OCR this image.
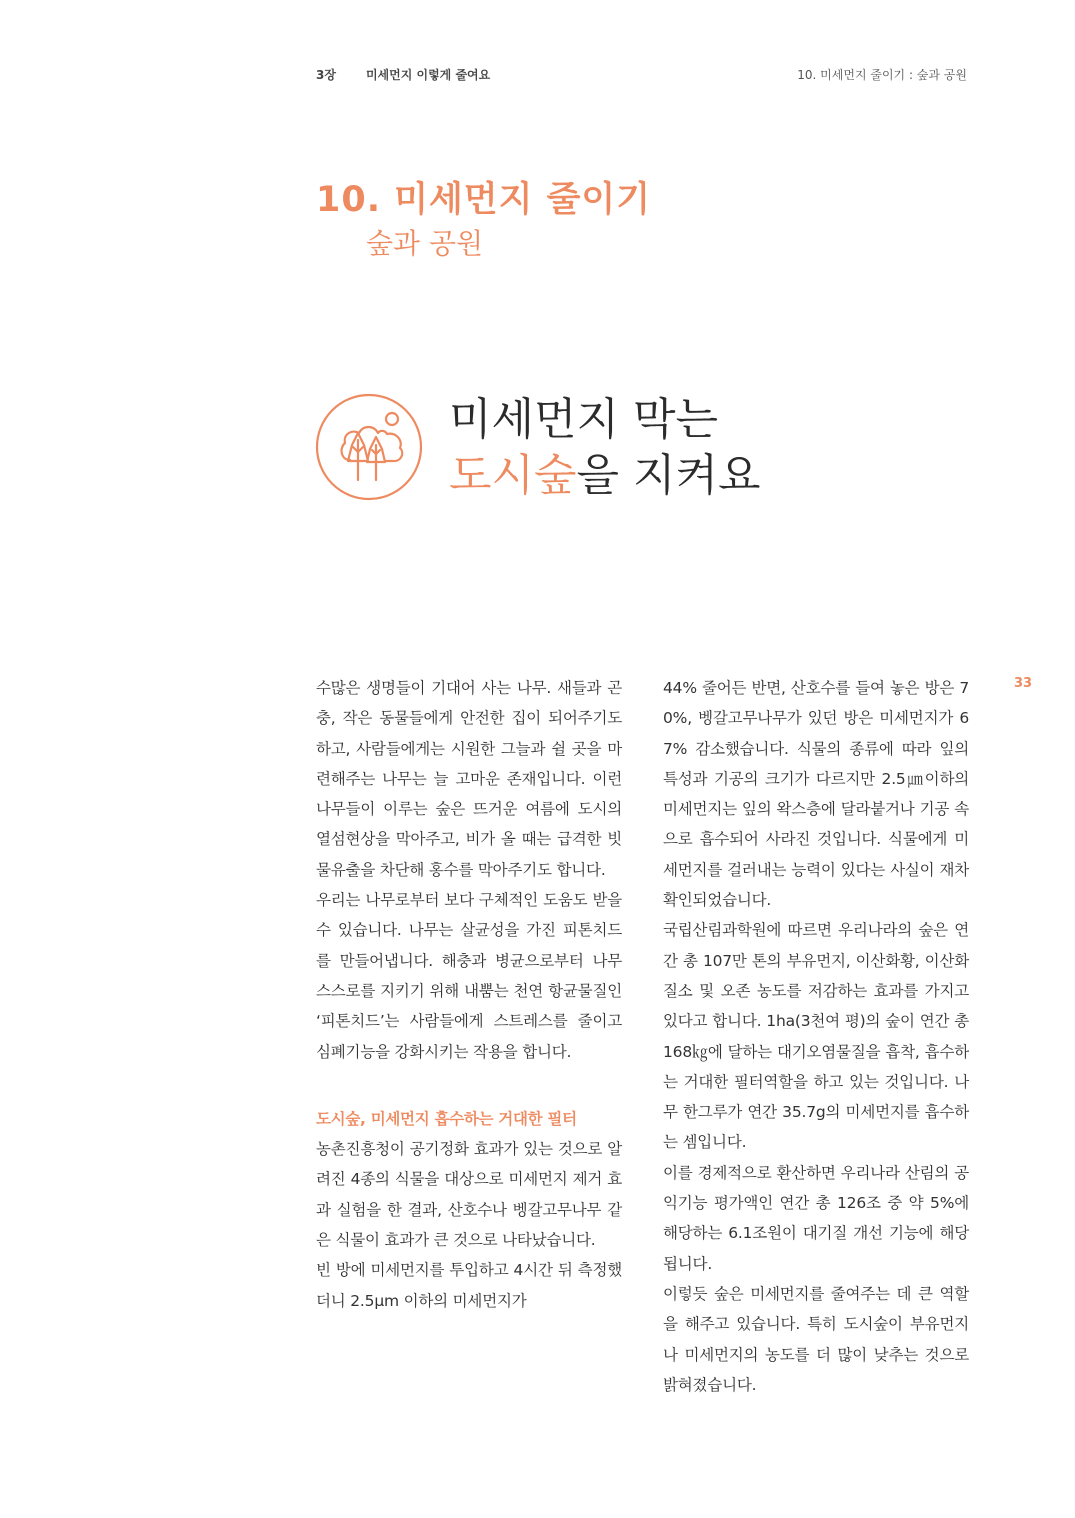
3장	미세먼지 이렇게 줄여요	10. 미세먼지 줄이기 : 숲과 공원
10. 미세먼지 줄이기
숲과 공원
미세먼지 막는
도시숲을 지켜요
33

수많은 생명들이 기대어 사는 나무. 새들과 곤충, 작은 동물들에게 안전한 집이 되어주기도 하고, 사람들에게는 시원한 그늘과 쉴 곳을 마련해주는 나무는 늘 고마운 존재입니다. 이런 나무들이 이루는 숲은 뜨거운 여름에 도시의 열섬현상을 막아주고, 비가 올 때는 급격한 빗물유출을 차단해 홍수를 막아주기도 합니다.

우리는 나무로부터 보다 구체적인 도움도 받을 수 있습니다. 나무는 살균성을 가진 피톤치드를 만들어냅니다. 해충과 병균으로부터 나무 스스로를 지키기 위해 내뿜는 천연 항균물질인 ‘피톤치드’는 사람들에게 스트레스를 줄이고 심폐기능을 강화시키는 작용을 합니다.

도시숲, 미세먼지 흡수하는 거대한 필터

농촌진흥청이 공기정화 효과가 있는 것으로 알려진 4종의 식물을 대상으로 미세먼지 제거 효과 실험을 한 결과, 산호수나 벵갈고무나무 같은 식물이 효과가 큰 것으로 나타났습니다.

빈 방에 미세먼지를 투입하고 4시간 뒤 측정했더니 2.5µm 이하의 미세먼지가

44% 줄어든 반면, 산호수를 들여 놓은 방은 70%, 벵갈고무나무가 있던 방은 미세먼지가 67% 감소했습니다. 식물의 종류에 따라 잎의 특성과 기공의 크기가 다르지만 2.5㎛이하의 미세먼지는 잎의 왁스층에 달라붙거나 기공 속으로 흡수되어 사라진 것입니다. 식물에게 미세먼지를 걸러내는 능력이 있다는 사실이 재차 확인되었습니다.

국립산림과학원에 따르면 우리나라의 숲은 연간 총 107만 톤의 부유먼지, 이산화황, 이산화질소 및 오존 농도를 저감하는 효과를 가지고 있다고 합니다. 1ha(3천여 평)의 숲이 연간 총 168㎏에 달하는 대기오염물질을 흡착, 흡수하는 거대한 필터역할을 하고 있는 것입니다. 나무 한그루가 연간 35.7g의 미세먼지를 흡수하는 셈입니다.

이를 경제적으로 환산하면 우리나라 산림의 공익기능 평가액인 연간 총 126조 중 약 5%에 해당하는 6.1조원이 대기질 개선 기능에 해당됩니다.

이렇듯 숲은 미세먼지를 줄여주는 데 큰 역할을 해주고 있습니다. 특히 도시숲이 부유먼지나 미세먼지의 농도를 더 많이 낮추는 것으로 밝혀졌습니다.
